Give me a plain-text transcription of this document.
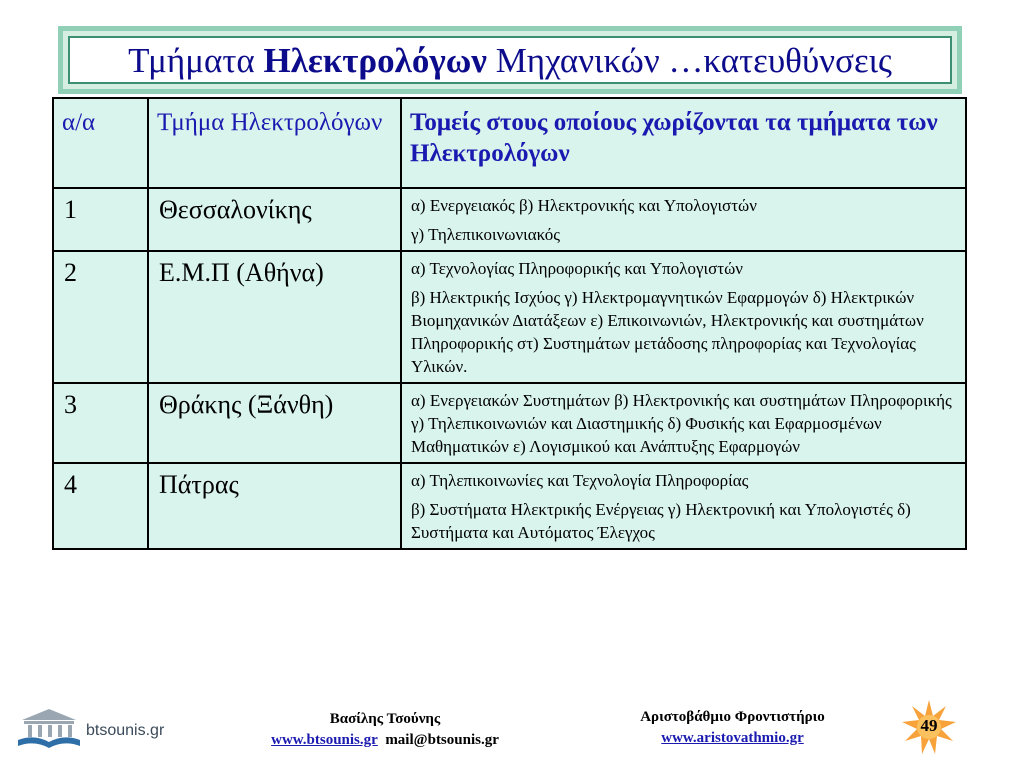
Τμήματα Ηλεκτρολόγων Μηχανικών …κατευθύνσεις
α/α	Τμήμα Ηλεκτρολόγων	Τομείς στους οποίους χωρίζονται τα τμήματα των Ηλεκτρολόγων
1	Θεσσαλονίκης	α) Ενεργειακός β) Ηλεκτρονικής και Υπολογιστών
γ) Τηλεπικοινωνιακός

2	Ε.Μ.Π (Αθήνα)	α) Τεχνολογίας Πληροφορικής και Υπολογιστών
β) Ηλεκτρικής Ισχύος γ) Ηλεκτρομαγνητικών Εφαρμογών δ) Ηλεκτρικών Βιομηχανικών Διατάξεων ε) Επικοινωνιών, Ηλεκτρονικής και συστημάτων Πληροφορικής στ) Συστημάτων μετάδοσης πληροφορίας και Τεχνολογίας Υλικών.

3	Θράκης (Ξάνθη)	α) Ενεργειακών Συστημάτων β) Ηλεκτρονικής και συστημάτων Πληροφορικής γ) Τηλεπικοινωνιών και Διαστημικής δ) Φυσικής και Εφαρμοσμένων Μαθηματικών ε) Λογισμικού και Ανάπτυξης Εφαρμογών

4	Πάτρας	α) Τηλεπικοινωνίες και Τεχνολογία Πληροφορίας
β) Συστήματα Ηλεκτρικής Ενέργειας γ) Ηλεκτρονική και Υπολογιστές δ) Συστήματα και Αυτόματος Έλεγχος
btsounis.gr
Βασίλης Τσούνης
www.btsounis.gr mail@btsounis.gr
Αριστοβάθμιο Φροντιστήριο
www.aristovathmio.gr
49
